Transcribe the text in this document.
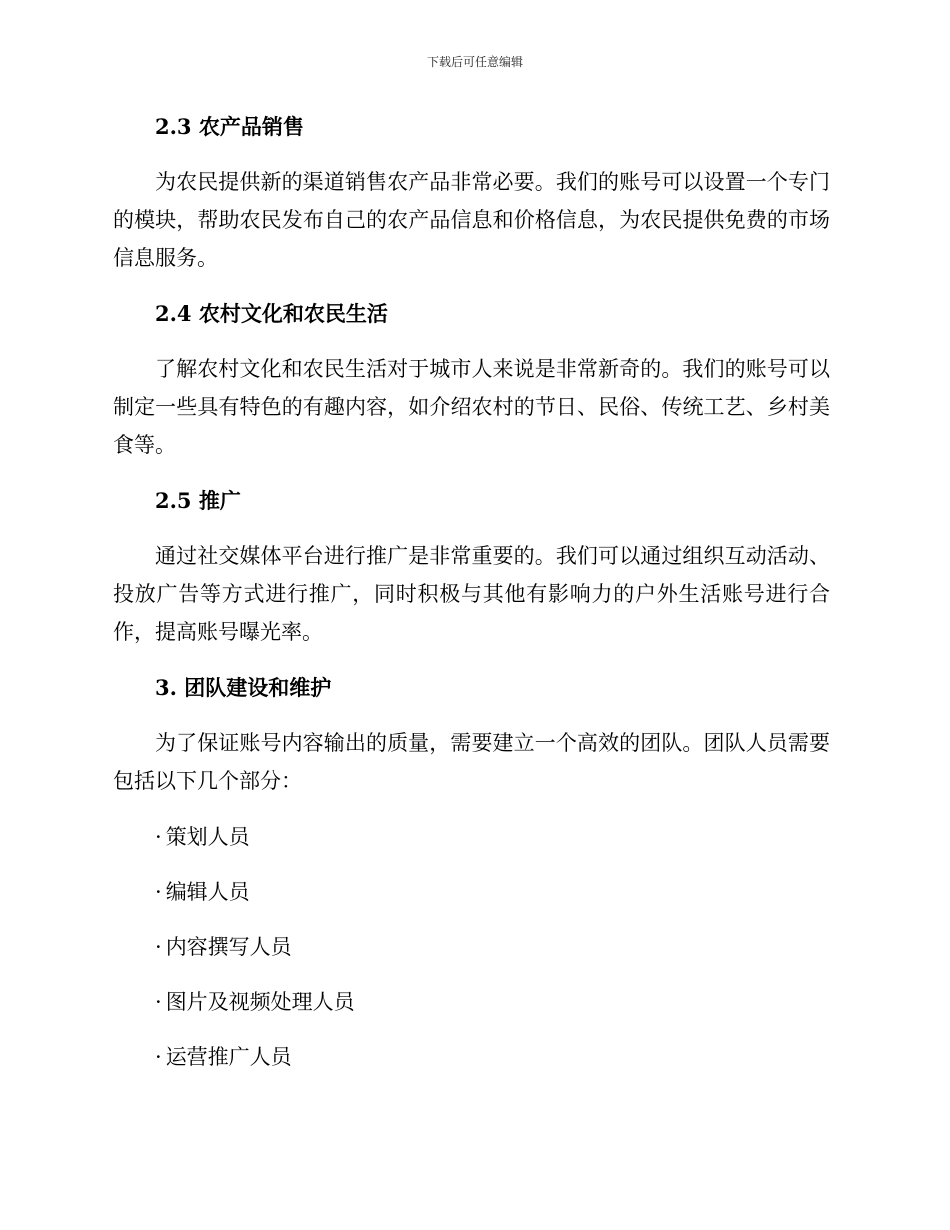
下载后可任意编辑
2.3 农产品销售

为农民提供新的渠道销售农产品非常必要。我们的账号可以设置一个专门的模块，帮助农民发布自己的农产品信息和价格信息，为农民提供免费的市场信息服务。

2.4 农村文化和农民生活

了解农村文化和农民生活对于城市人来说是非常新奇的。我们的账号可以制定一些具有特色的有趣内容，如介绍农村的节日、民俗、传统工艺、乡村美食等。

2.5 推广

通过社交媒体平台进行推广是非常重要的。我们可以通过组织互动活动、投放广告等方式进行推广，同时积极与其他有影响力的户外生活账号进行合作，提高账号曝光率。

3. 团队建设和维护

为了保证账号内容输出的质量，需要建立一个高效的团队。团队人员需要包括以下几个部分：

· 策划人员
· 编辑人员
· 内容撰写人员
· 图片及视频处理人员
· 运营推广人员
